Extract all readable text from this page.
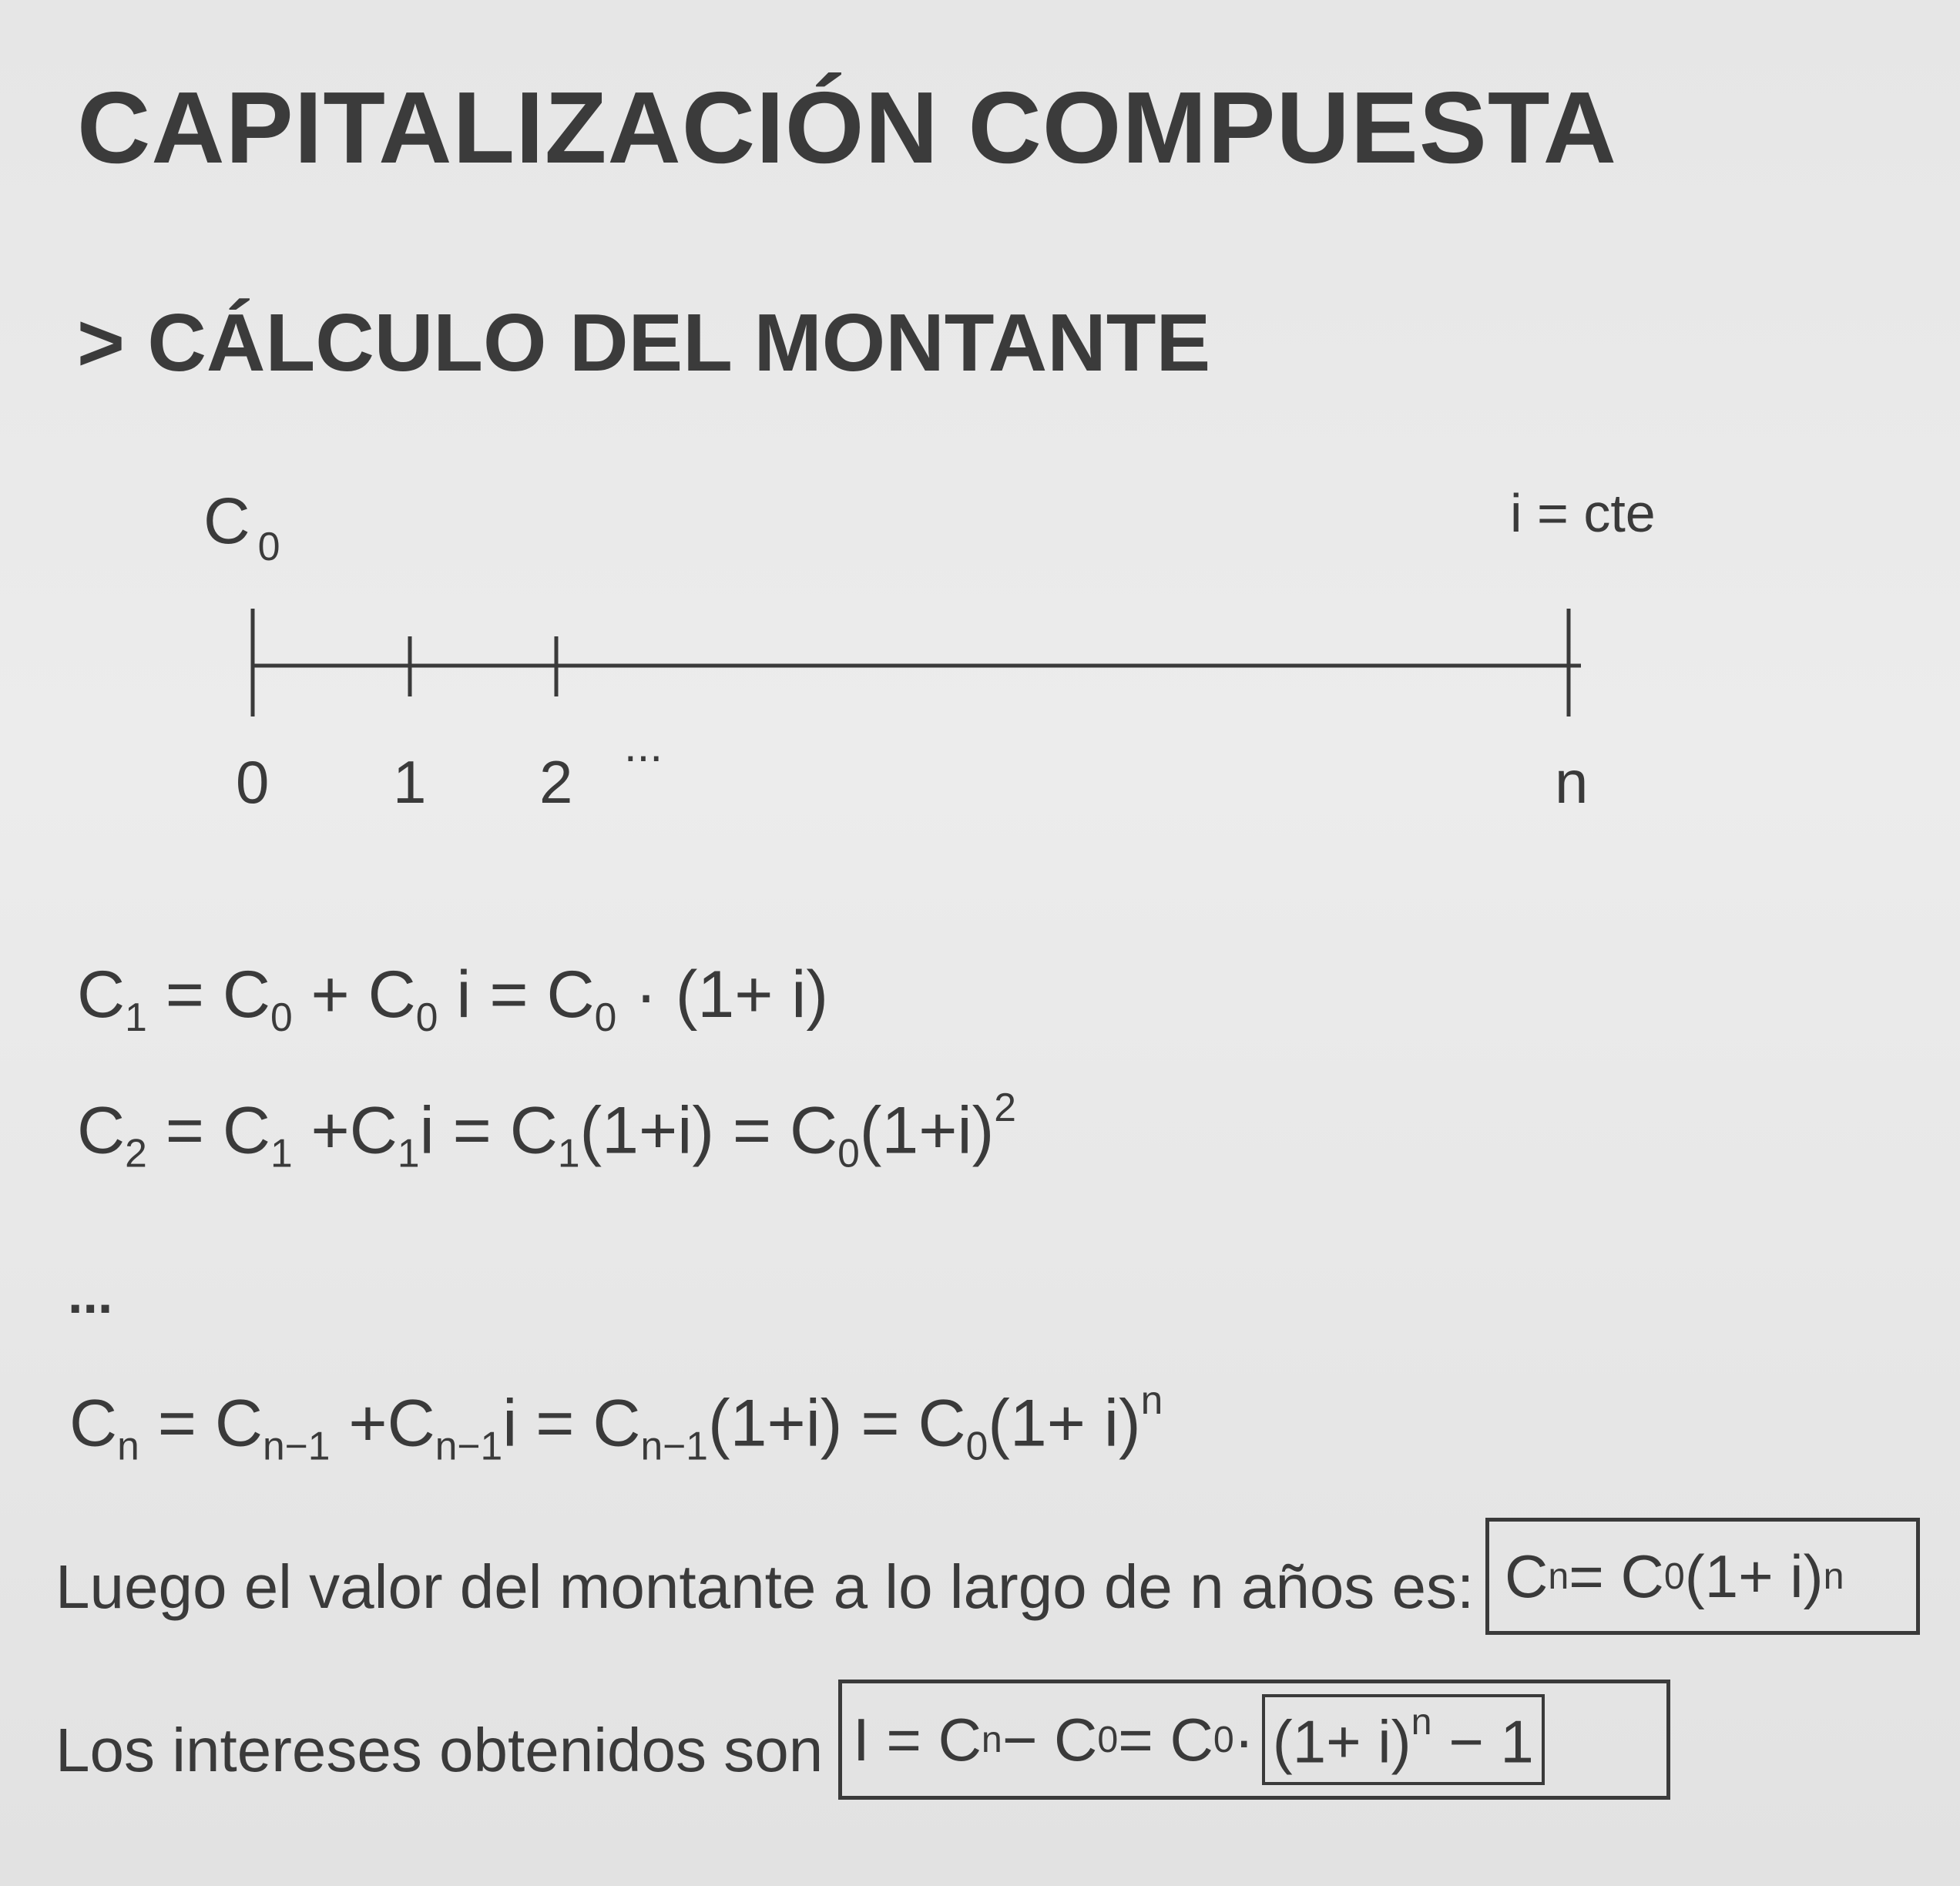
CAPITALIZACIÓN COMPUESTA
> CÁLCULO DEL MONTANTE
C $_0$
i = cte
0 1 2
...
n
$C_1 = C_0 + C_0$ $i = C_0 \cdot (1+ i)$
$C_2 = C_1 +C_1i = C_1(1+i) = C_0(1+i)^2$
...
$C_n = C_{n-1} +C_{n-1}i = C_{n-1}(1+i) = C_0(1+ i)^n$
Luego el valor del montante a lo largo de n años es: C n = C 0 (1+ i) n
Los intereses obtenidos son I = C n − C 0 = C $0 \cdot (1+ i)^n - 1$
